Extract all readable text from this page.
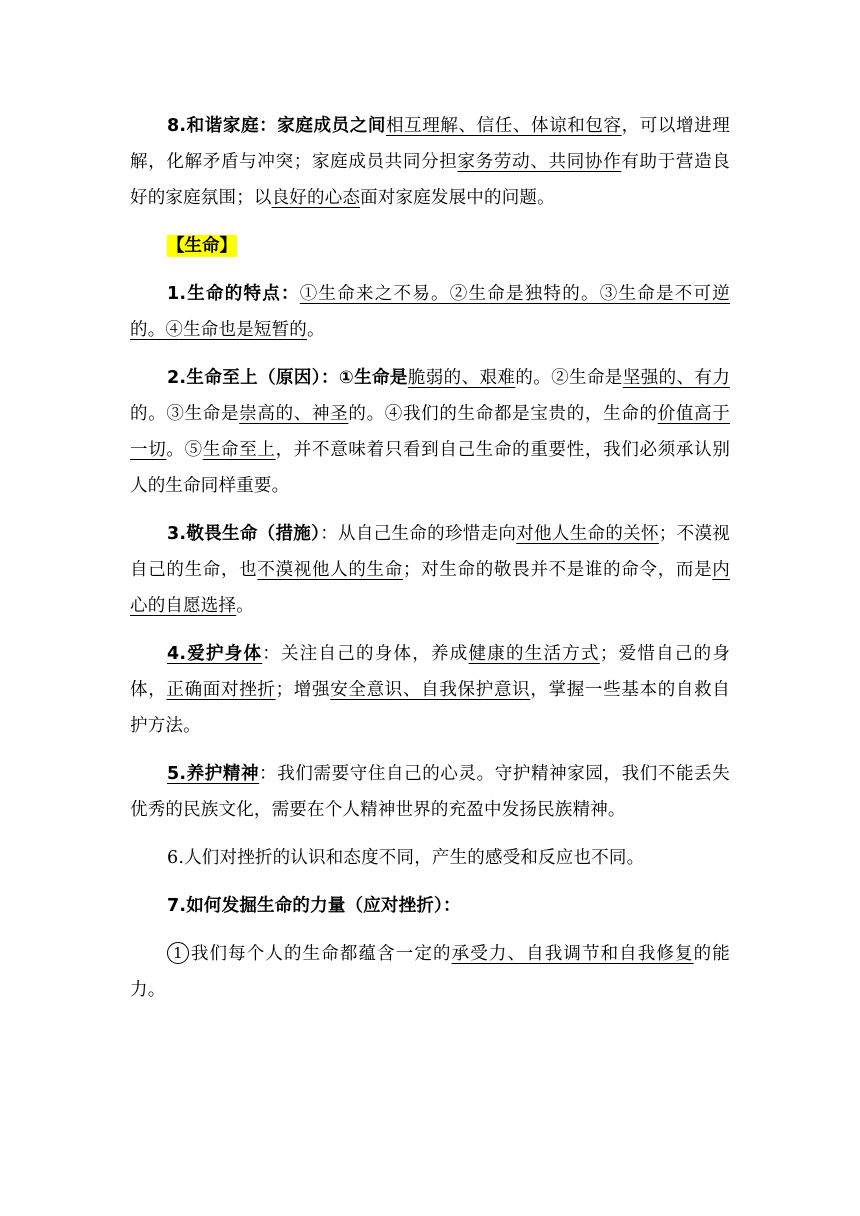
8.和谐家庭：家庭成员之间相互理解、信任、体谅和包容，可以增进理解，化解矛盾与冲突；家庭成员共同分担家务劳动、共同协作有助于营造良好的家庭氛围；以良好的心态面对家庭发展中的问题。

【生命】

1.生命的特点：①生命来之不易。②生命是独特的。③生命是不可逆的。④生命也是短暂的。

2.生命至上（原因）：①生命是脆弱的、艰难的。②生命是坚强的、有力的。③生命是崇高的、神圣的。④我们的生命都是宝贵的，生命的价值高于一切。⑤生命至上，并不意味着只看到自己生命的重要性，我们必须承认别人的生命同样重要。

3.敬畏生命（措施）：从自己生命的珍惜走向对他人生命的关怀；不漠视自己的生命，也不漠视他人的生命；对生命的敬畏并不是谁的命令，而是内心的自愿选择。

4.爱护身体：关注自己的身体，养成健康的生活方式；爱惜自己的身体，正确面对挫折；增强安全意识、自我保护意识，掌握一些基本的自救自护方法。

5.养护精神：我们需要守住自己的心灵。守护精神家园，我们不能丢失优秀的民族文化，需要在个人精神世界的充盈中发扬民族精神。

6.人们对挫折的认识和态度不同，产生的感受和反应也不同。

7.如何发掘生命的力量（应对挫折）：

1 我们每个人的生命都蕴含一定的承受力、自我调节和自我修复的能力。
